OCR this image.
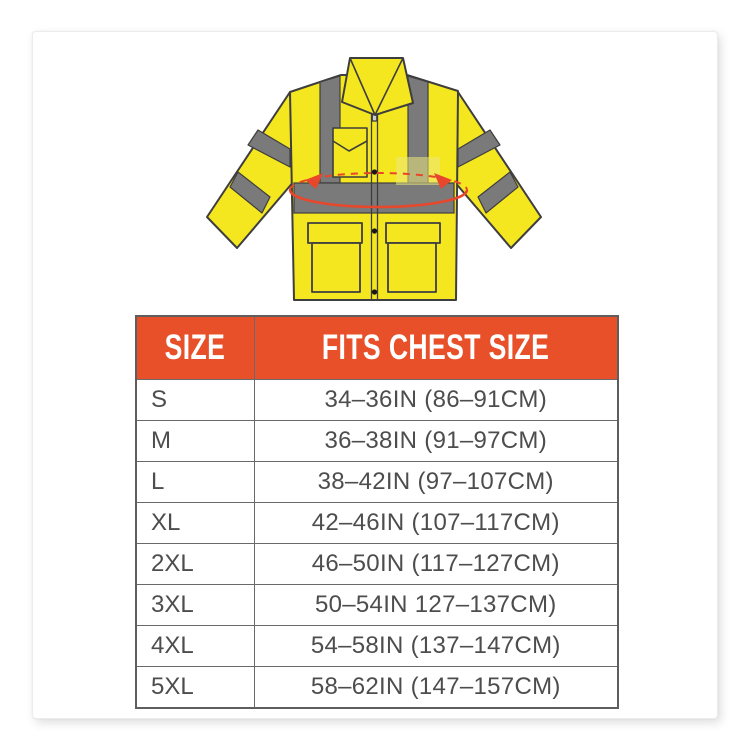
SIZE	FITS CHEST SIZE
S	34–36IN (86–91CM)
M	36–38IN (91–97CM)
L	38–42IN (97–107CM)
XL	42–46IN (107–117CM)
2XL	46–50IN (117–127CM)
3XL	50–54IN 127–137CM)
4XL	54–58IN (137–147CM)
5XL	58–62IN (147–157CM)
